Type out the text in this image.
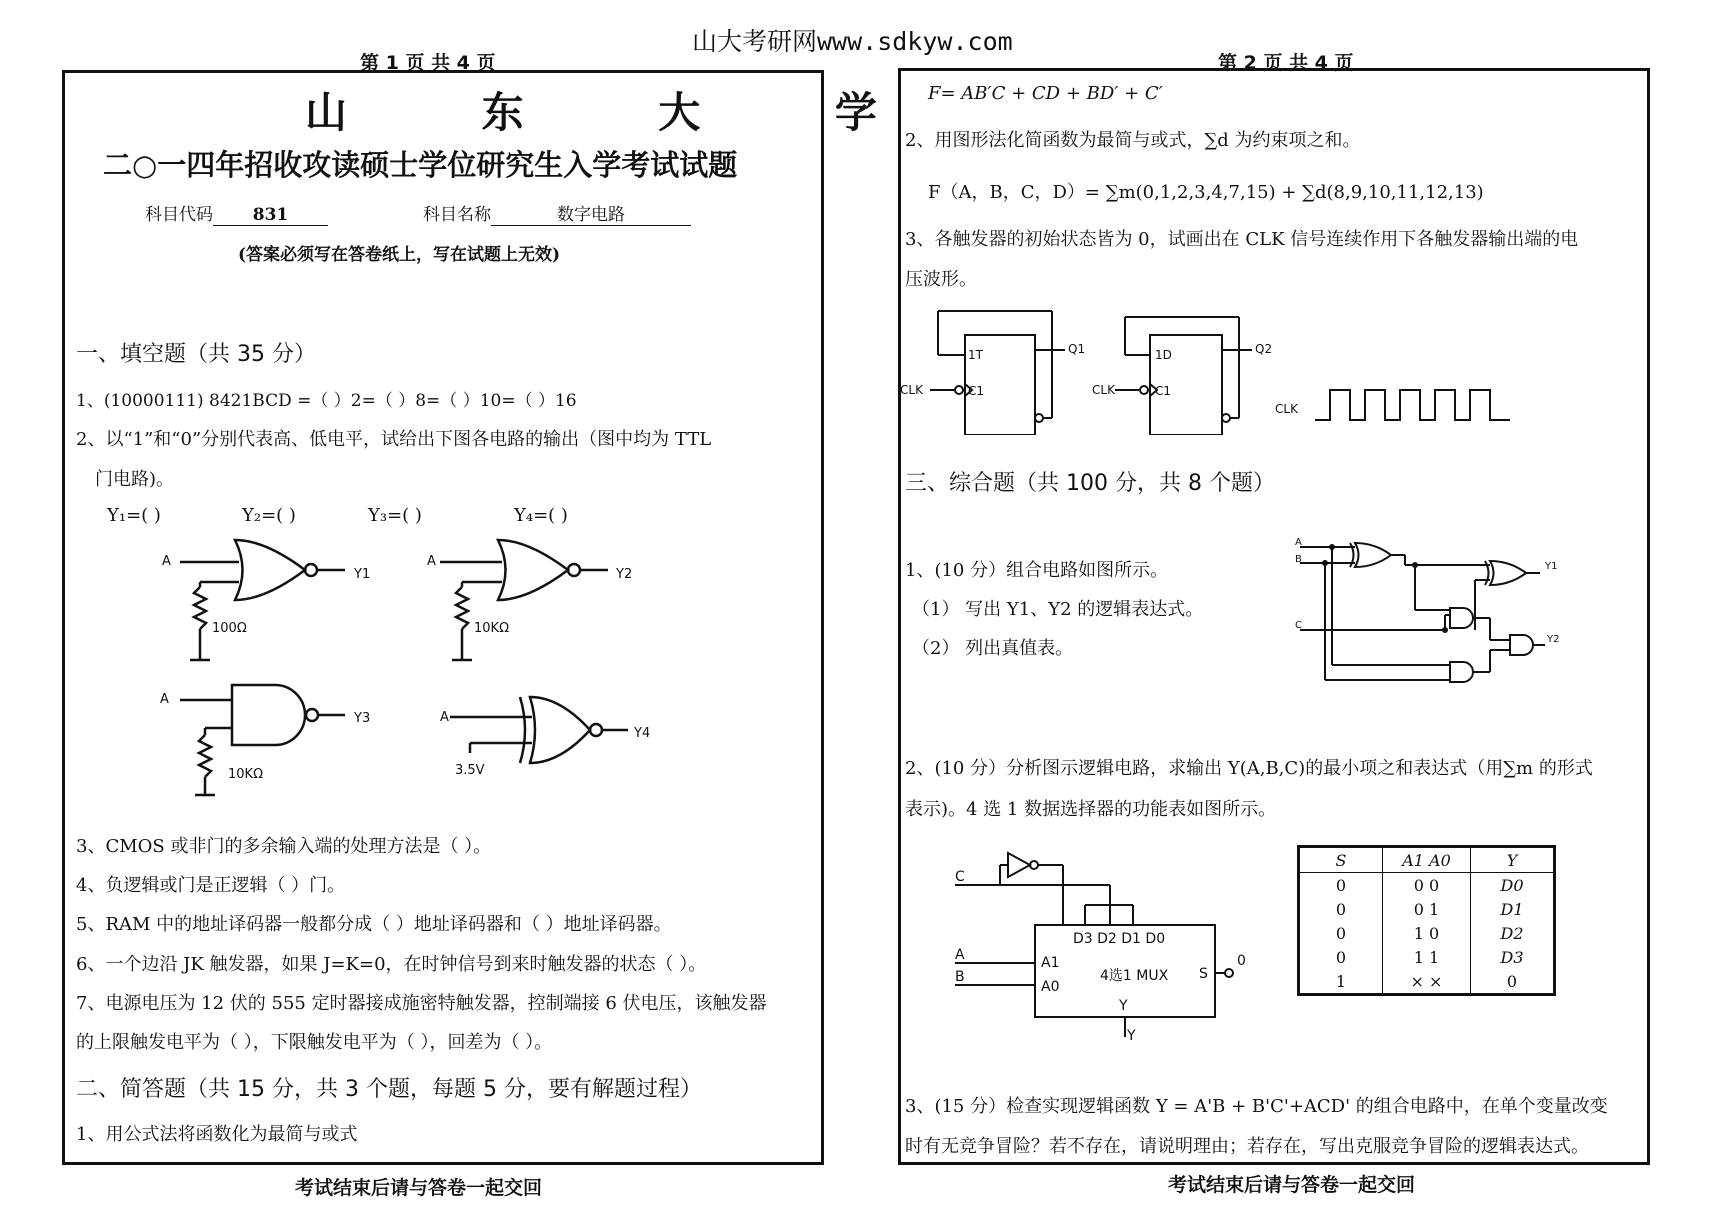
山大考研网www.sdkyw.com
第 1 页 共 4 页
山 东 大 学
二○一四年招收攻读硕士学位研究生入学考试试题
科目代码 831	科目名称	数字电路
(答案必须写在答卷纸上，写在试题上无效)
一、填空题（共 35 分）
1、(10000111) 8421BCD =（ ）2=（ ）8=（ ）10=（ ）16
2、以“1”和“0”分别代表高、低电平，试给出下图各电路的输出（图中均为 TTL
门电路)。
Y₁=( )	Y₂=( )	Y₃=( )	Y₄=( )
A
100Ω
Y1
A
10KΩ
Y2
A
10KΩ
Y3	A
3.5V
Y4
3、CMOS 或非门的多余输入端的处理方法是（ ）。
4、负逻辑或门是正逻辑（ ）门。
5、RAM 中的地址译码器一般都分成（ ）地址译码器和（ ）地址译码器。
6、一个边沿 JK 触发器，如果 J=K=0，在时钟信号到来时触发器的状态（ ）。
7、电源电压为 12 伏的 555 定时器接成施密特触发器，控制端接 6 伏电压，该触发器
的上限触发电平为（ ），下限触发电平为（ ），回差为（ ）。
二、简答题（共 15 分，共 3 个题，每题 5 分，要有解题过程）
1、用公式法将函数化为最简与或式
考试结束后请与答卷一起交回
第 2 页 共 4 页
F= AB′C + CD + BD′ + C′
2、用图形法化简函数为最简与或式，∑d 为约束项之和。
F（A，B，C，D）= ∑m(0,1,2,3,4,7,15) + ∑d(8,9,10,11,12,13)
3、各触发器的初始状态皆为 0，试画出在 CLK 信号连续作用下各触发器输出端的电
压波形。
CLK
1T
C1
Q1
CLK
1D
C1
Q2
CLK
三、综合题（共 100 分，共 8 个题）
1、(10 分）组合电路如图所示。
（1） 写出 Y1、Y2 的逻辑表达式。
（2） 列出真值表。
A
B
C
Y1
Y2
2、(10 分）分析图示逻辑电路，求输出 Y(A,B,C)的最小项之和表达式（用∑m 的形式
表示)。4 选 1 数据选择器的功能表如图所示。
C
A
B
A1
A0
D3 D2 D1 D0
4选1 MUX S
0
Y
Y
S	A1 A0	Y
0	0 0	D0
0	0 1	D1
0	1 0	D2
0	1 1	D3
1	× ×	0
3、(15 分）检查实现逻辑函数 Y = A'B + B'C'+ACD' 的组合电路中，在单个变量改变
时有无竞争冒险？若不存在，请说明理由；若存在，写出克服竞争冒险的逻辑表达式。
考试结束后请与答卷一起交回
